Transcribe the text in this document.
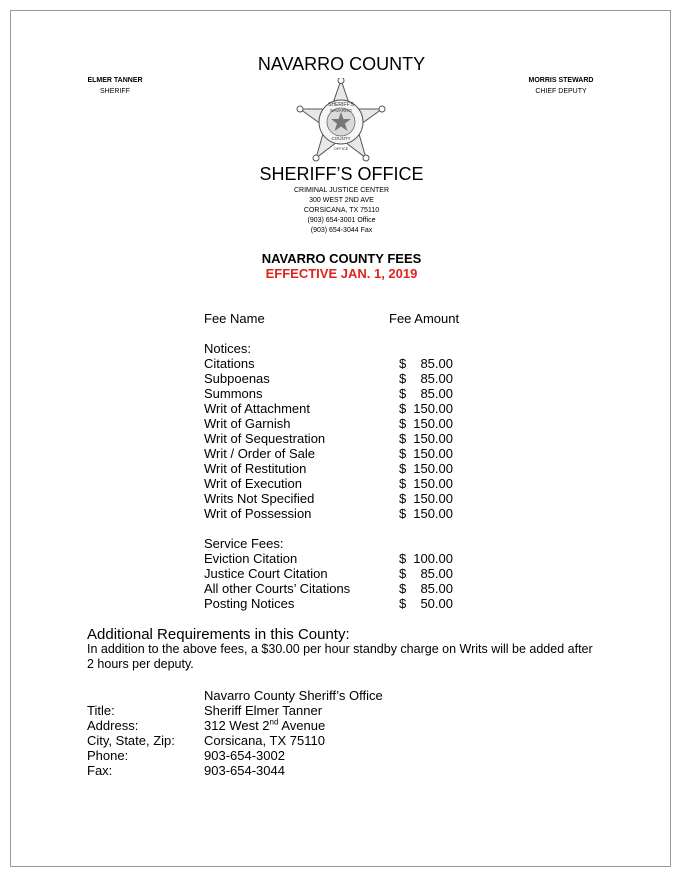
NAVARRO COUNTY
ELMER TANNER
SHERIFF
MORRIS STEWARD
CHIEF DEPUTY
SHERIFF'S
NAVARRO
COUNTY
OFFICE
SHERIFF’S OFFICE
CRIMINAL JUSTICE CENTER
300 WEST 2ND AVE
CORSICANA, TX 75110
(903) 654-3001 Office
(903) 654-3044 Fax
NAVARRO COUNTY FEES
EFFECTIVE JAN. 1, 2019
Fee Name	Fee Amount
Notices:
Citations	$	85.00
Subpoenas	$	85.00
Summons	$	85.00
Writ of Attachment	$ 150.00
Writ of Garnish	$ 150.00
Writ of Sequestration	$ 150.00
Writ / Order of Sale	$ 150.00
Writ of Restitution	$ 150.00
Writ of Execution	$ 150.00
Writs Not Specified	$ 150.00
Writ of Possession	$ 150.00
Service Fees:
Eviction Citation	$ 100.00
Justice Court Citation	$	85.00
All other Courts’ Citations	$	85.00
Posting Notices	$	50.00
Additional Requirements in this County:
In addition to the above fees, a $30.00 per hour standby charge on Writs will be added after 2 hours per deputy.
Navarro County Sheriff’s Office
Title:	Sheriff Elmer Tanner
Address:	312 West 2nd Avenue
City, State, Zip: Corsicana, TX 75110
Phone:	903-654-3002
Fax:	903-654-3044
